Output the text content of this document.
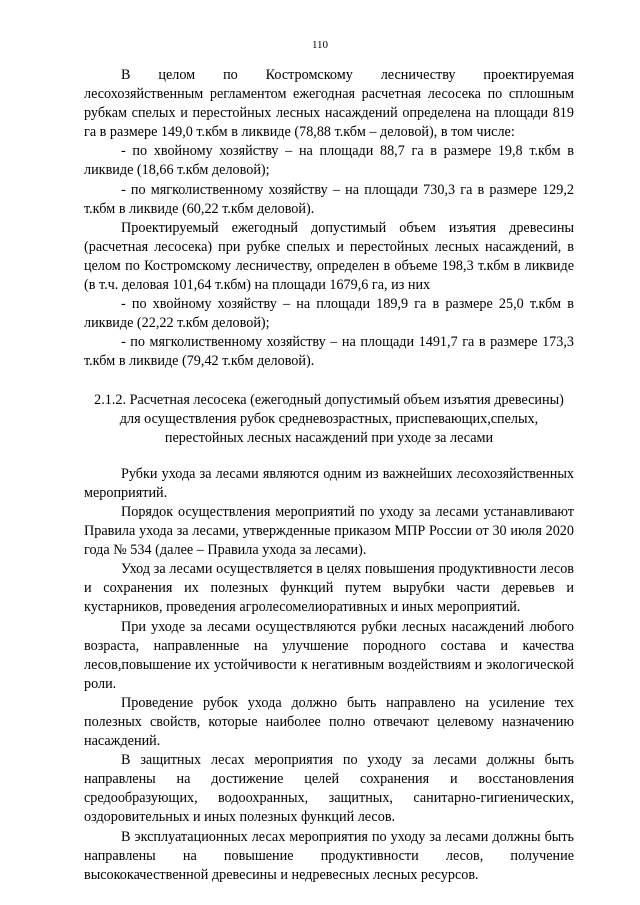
110

В целом по Костромскому лесничеству проектируемая лесохозяйственным регламентом ежегодная расчетная лесосека по сплошным рубкам спелых и перестойных лесных насаждений определена на площади 819 га в размере 149,0 т.кбм в ликвиде (78,88 т.кбм – деловой), в том числе:

- по хвойному хозяйству – на площади 88,7 га в размере 19,8 т.кбм в ликвиде (18,66 т.кбм деловой);

- по мягколиственному хозяйству – на площади 730,3 га в размере 129,2 т.кбм в ликвиде (60,22 т.кбм деловой).

Проектируемый ежегодный допустимый объем изъятия древесины (расчетная лесосека) при рубке спелых и перестойных лесных насаждений, в целом по Костромскому лесничеству, определен в объеме 198,3 т.кбм в ликвиде (в т.ч. деловая 101,64 т.кбм) на площади 1679,6 га, из них

- по хвойному хозяйству – на площади 189,9 га в размере 25,0 т.кбм в ликвиде (22,22 т.кбм деловой);

- по мягколиственному хозяйству – на площади 1491,7 га в размере 173,3 т.кбм в ликвиде (79,42 т.кбм деловой).

2.1.2. Расчетная лесосека (ежегодный допустимый объем изъятия древесины) для осуществления рубок средневозрастных, приспевающих,спелых, перестойных лесных насаждений при уходе за лесами

Рубки ухода за лесами являются одним из важнейших лесохозяйственных мероприятий.

Порядок осуществления мероприятий по уходу за лесами устанавливают Правила ухода за лесами, утвержденные приказом МПР России от 30 июля 2020 года № 534 (далее – Правила ухода за лесами).

Уход за лесами осуществляется в целях повышения продуктивности лесов и сохранения их полезных функций путем вырубки части деревьев и кустарников, проведения агролесомелиоративных и иных мероприятий.

При уходе за лесами осуществляются рубки лесных насаждений любого возраста, направленные на улучшение породного состава и качества лесов,повышение их устойчивости к негативным воздействиям и экологической роли.

Проведение рубок ухода должно быть направлено на усиление тех полезных свойств, которые наиболее полно отвечают целевому назначению насаждений.

В защитных лесах мероприятия по уходу за лесами должны быть направлены на достижение целей сохранения и восстановления средообразующих, водоохранных, защитных, санитарно-гигиенических, оздоровительных и иных полезных функций лесов.

В эксплуатационных лесах мероприятия по уходу за лесами должны быть направлены на повышение продуктивности лесов, получение высококачественной древесины и недревесных лесных ресурсов.
